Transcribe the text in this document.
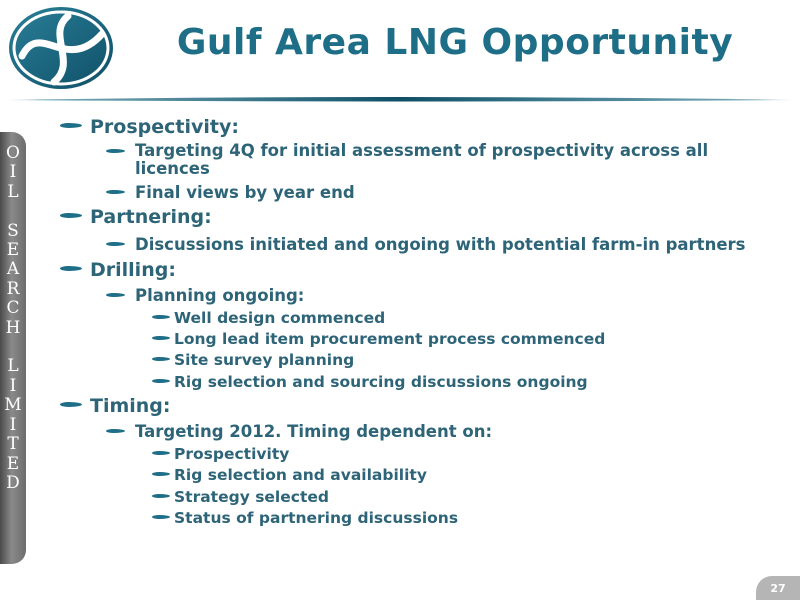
Gulf Area LNG Opportunity
O
I
L

S
E
A
R
C
H

L
I
M
I
T
E
D
Prospectivity:
Targeting 4Q for initial assessment of prospectivity across all licences
Final views by year end
Partnering:
Discussions initiated and ongoing with potential farm-in partners
Drilling:
Planning ongoing:
Well design commenced
Long lead item procurement process commenced
Site survey planning
Rig selection and sourcing discussions ongoing
Timing:
Targeting 2012. Timing dependent on:
Prospectivity
Rig selection and availability
Strategy selected
Status of partnering discussions
27
